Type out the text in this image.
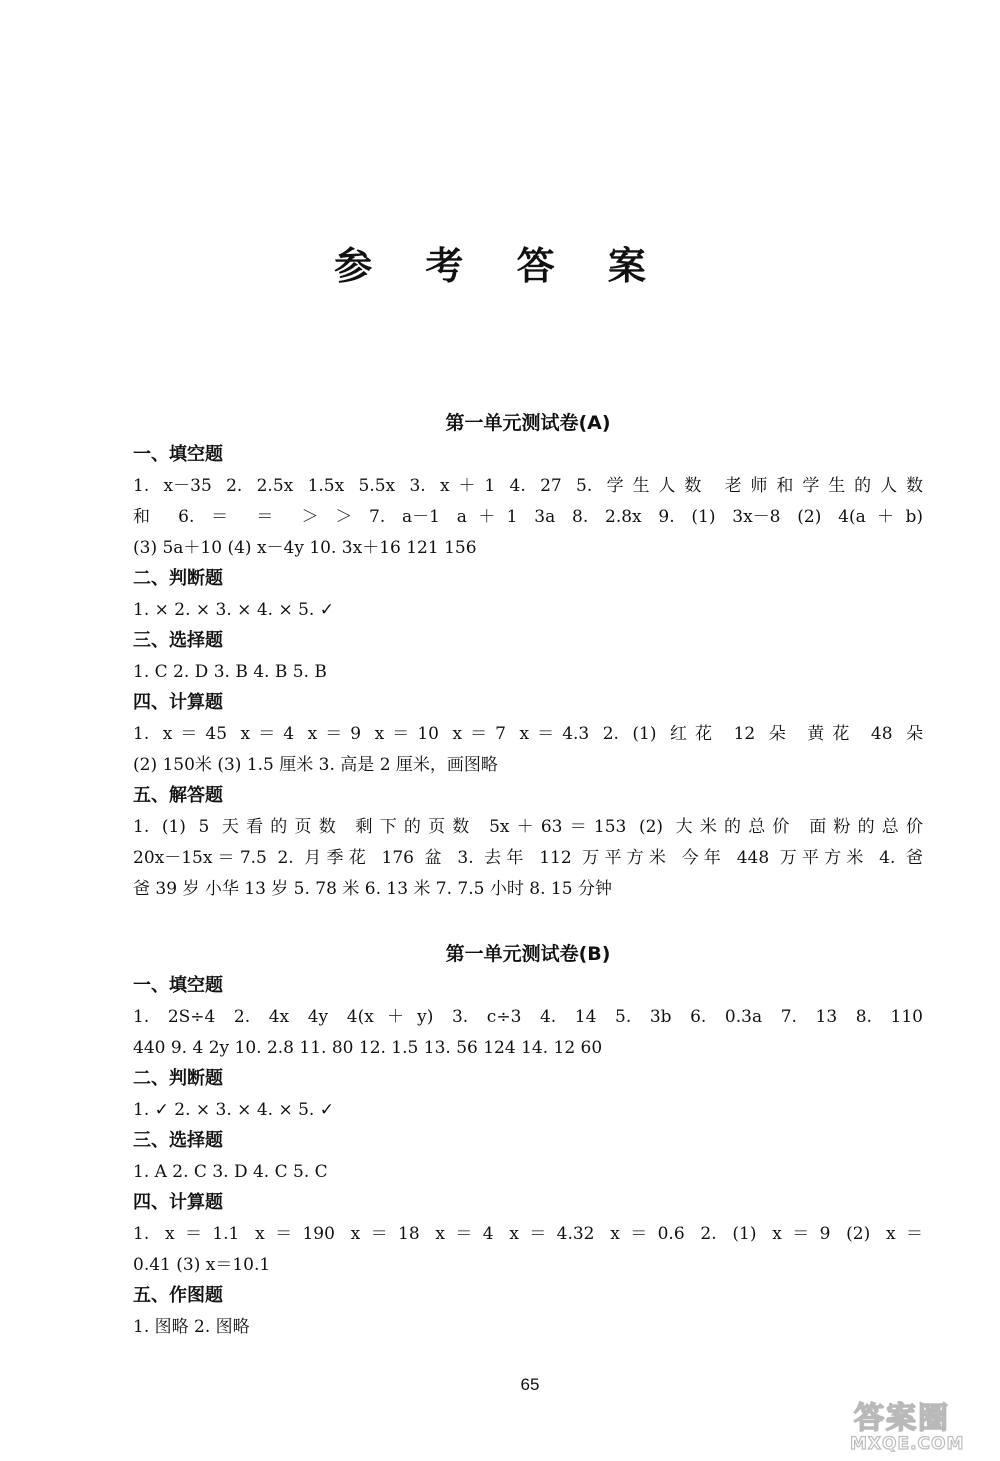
参 考 答 案
第一单元测试卷(A)
一、填空题
1. x－35 2. 2.5x 1.5x 5.5x 3. x＋1 4. 27 5. 学生人数 老师和学生的人数
和 6. ＝ ＝ ＞ ＞ 7. a－1 a＋1 3a 8. 2.8x 9. (1) 3x－8 (2) 4(a＋b)
(3) 5a＋10 (4) x－4y 10. 3x＋16 121 156
二、判断题
1. × 2. × 3. × 4. × 5. ✓
三、选择题
1. C 2. D 3. B 4. B 5. B
四、计算题
1. x＝45 x＝4 x＝9 x＝10 x＝7 x＝4.3 2. (1) 红花 12 朵 黄花 48 朵
(2) 150米 (3) 1.5 厘米 3. 高是 2 厘米，画图略
五、解答题
1. (1) 5 天看的页数 剩下的页数 5x＋63＝153 (2) 大米的总价 面粉的总价
20x－15x＝7.5 2. 月季花 176 盆 3. 去年 112 万平方米 今年 448 万平方米 4. 爸
爸 39 岁 小华 13 岁 5. 78 米 6. 13 米 7. 7.5 小时 8. 15 分钟
第一单元测试卷(B)
一、填空题
1. 2S÷4 2. 4x 4y 4(x＋y) 3. c÷3 4. 14 5. 3b 6. 0.3a 7. 13 8. 110
440 9. 4 2y 10. 2.8 11. 80 12. 1.5 13. 56 124 14. 12 60
二、判断题
1. ✓ 2. × 3. × 4. × 5. ✓
三、选择题
1. A 2. C 3. D 4. C 5. C
四、计算题
1. x＝1.1 x＝190 x＝18 x＝4 x＝4.32 x＝0.6 2. (1) x＝9 (2) x＝
0.41 (3) x＝10.1
五、作图题
1. 图略 2. 图略
65
答案圈
MXQE.COM
